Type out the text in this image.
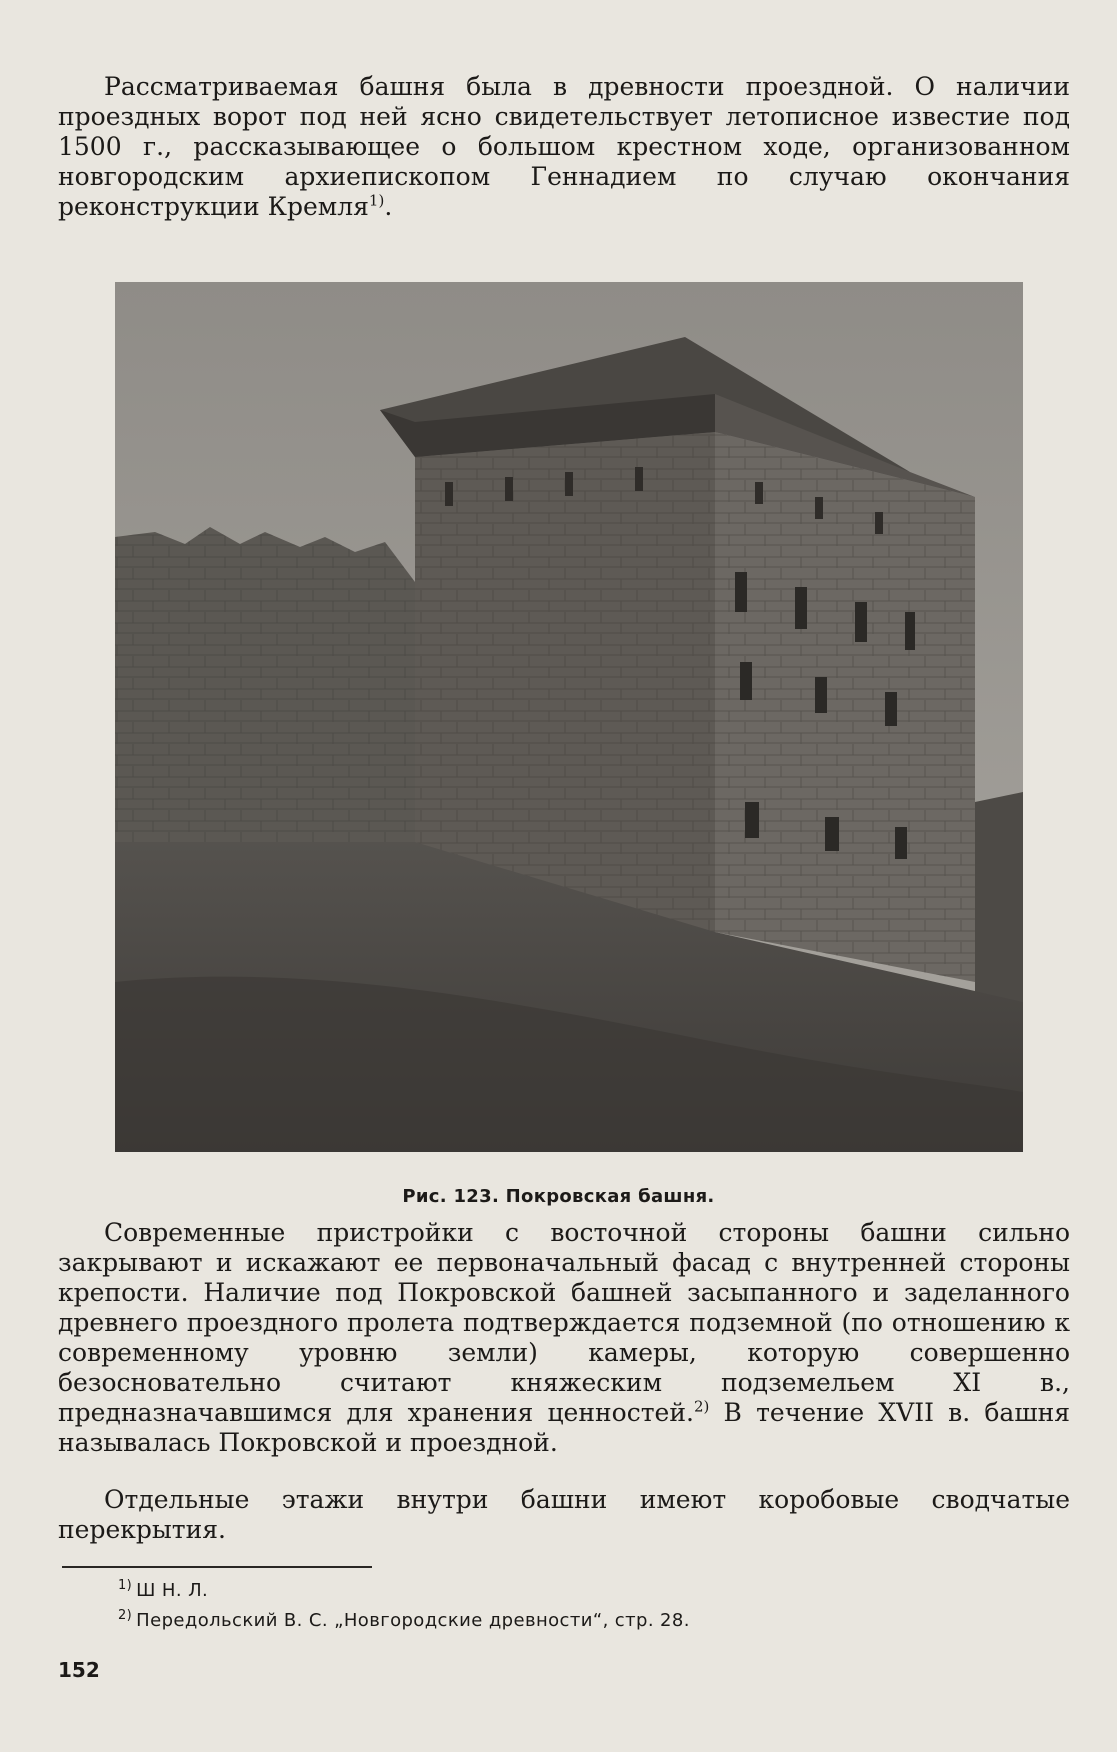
Рассматриваемая башня была в древности проездной. О наличии проездных ворот под ней ясно свидетельствует летописное известие под 1500 г., рассказывающее о большом крестном ходе, организованном новгородским архиепископом Геннадием по случаю окончания реконструкции Кремля$^{1)}$.

Рис. 123. Покровская башня.

Современные пристройки с восточной стороны башни сильно закрывают и искажают ее первоначальный фасад с внутренней стороны крепости. Наличие под Покровской башней засыпанного и заделанного древнего проездного пролета подтверждается подземной (по отношению к современному уровню земли) камеры, которую совершенно безосновательно считают княжеским подземельем XI в., предназначавшимся для хранения ценностей.$^{2)}$ В течение XVII в. башня называлась Покровской и проездной.

Отдельные этажи внутри башни имеют коробовые сводчатые перекрытия.

$^{1)}$ Ш Н. Л.
$^{2)}$ Передольский В. С. „Новгородские древности“, стр. 28.
152
